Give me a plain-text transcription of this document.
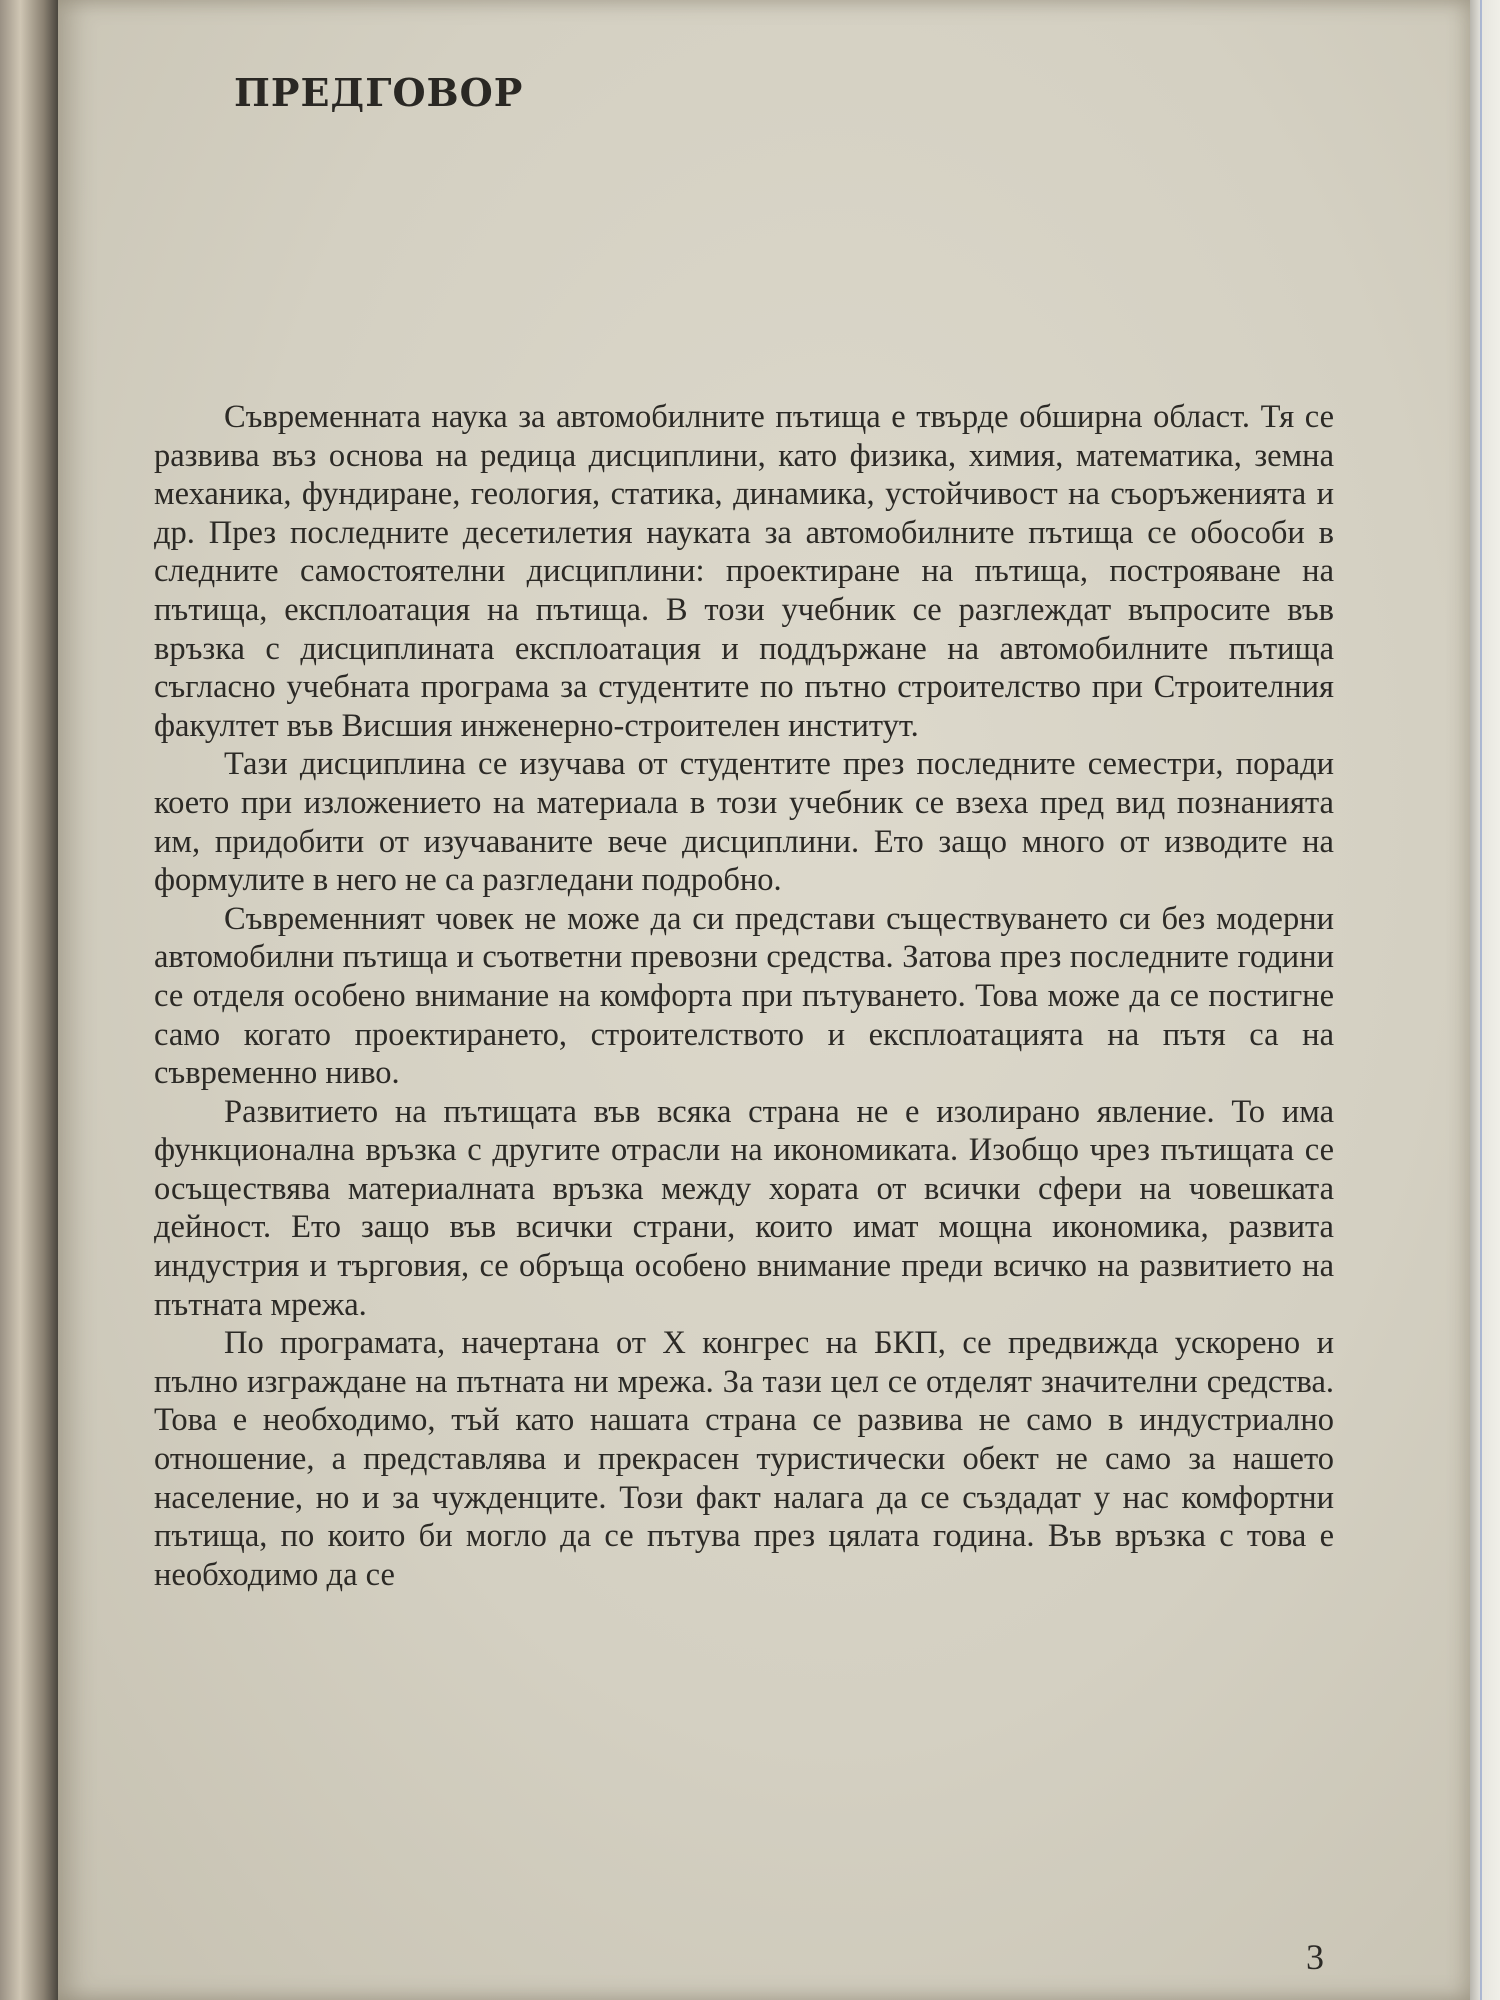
ПРЕДГОВОР

Съвременната наука за автомобилните пътища е твърде обширна област. Тя се развива въз основа на редица дисциплини, като физика, химия, математика, земна механика, фундиране, геология, статика, динамика, устойчивост на съоръженията и др. През последните десетилетия науката за автомобилните пътища се обособи в следните самостоятелни дисциплини: проектиране на пътища, построяване на пътища, експлоатация на пътища. В този учебник се разглеждат въпросите във връзка с дисциплината експлоатация и поддържане на автомобилните пътища съгласно учебната програма за студентите по пътно строителство при Строителния факултет във Висшия инженерно-строителен институт.

Тази дисциплина се изучава от студентите през последните семестри, поради което при изложението на материала в този учебник се взеха пред вид познанията им, придобити от изучаваните вече дисциплини. Ето защо много от изводите на формулите в него не са разгледани подробно.

Съвременният човек не може да си представи съществуването си без модерни автомобилни пътища и съответни превозни средства. Затова през последните години се отделя особено внимание на комфорта при пътуването. Това може да се постигне само когато проектирането, строителството и експлоатацията на пътя са на съвременно ниво.

Развитието на пътищата във всяка страна не е изолирано явление. То има функционална връзка с другите отрасли на икономиката. Изобщо чрез пътищата се осъществява материалната връзка между хората от всички сфери на човешката дейност. Ето защо във всички страни, които имат мощна икономика, развита индустрия и търговия, се обръща особено внимание преди всичко на развитието на пътната мрежа.

По програмата, начертана от X конгрес на БКП, се предвижда ускорено и пълно изграждане на пътната ни мрежа. За тази цел се отделят значителни средства. Това е необходимо, тъй като нашата страна се развива не само в индустриално отношение, а представлява и прекрасен туристически обект не само за нашето население, но и за чужденците. Този факт налага да се създадат у нас комфортни пътища, по които би могло да се пътува през цялата година. Във връзка с това е необходимо да се

3
